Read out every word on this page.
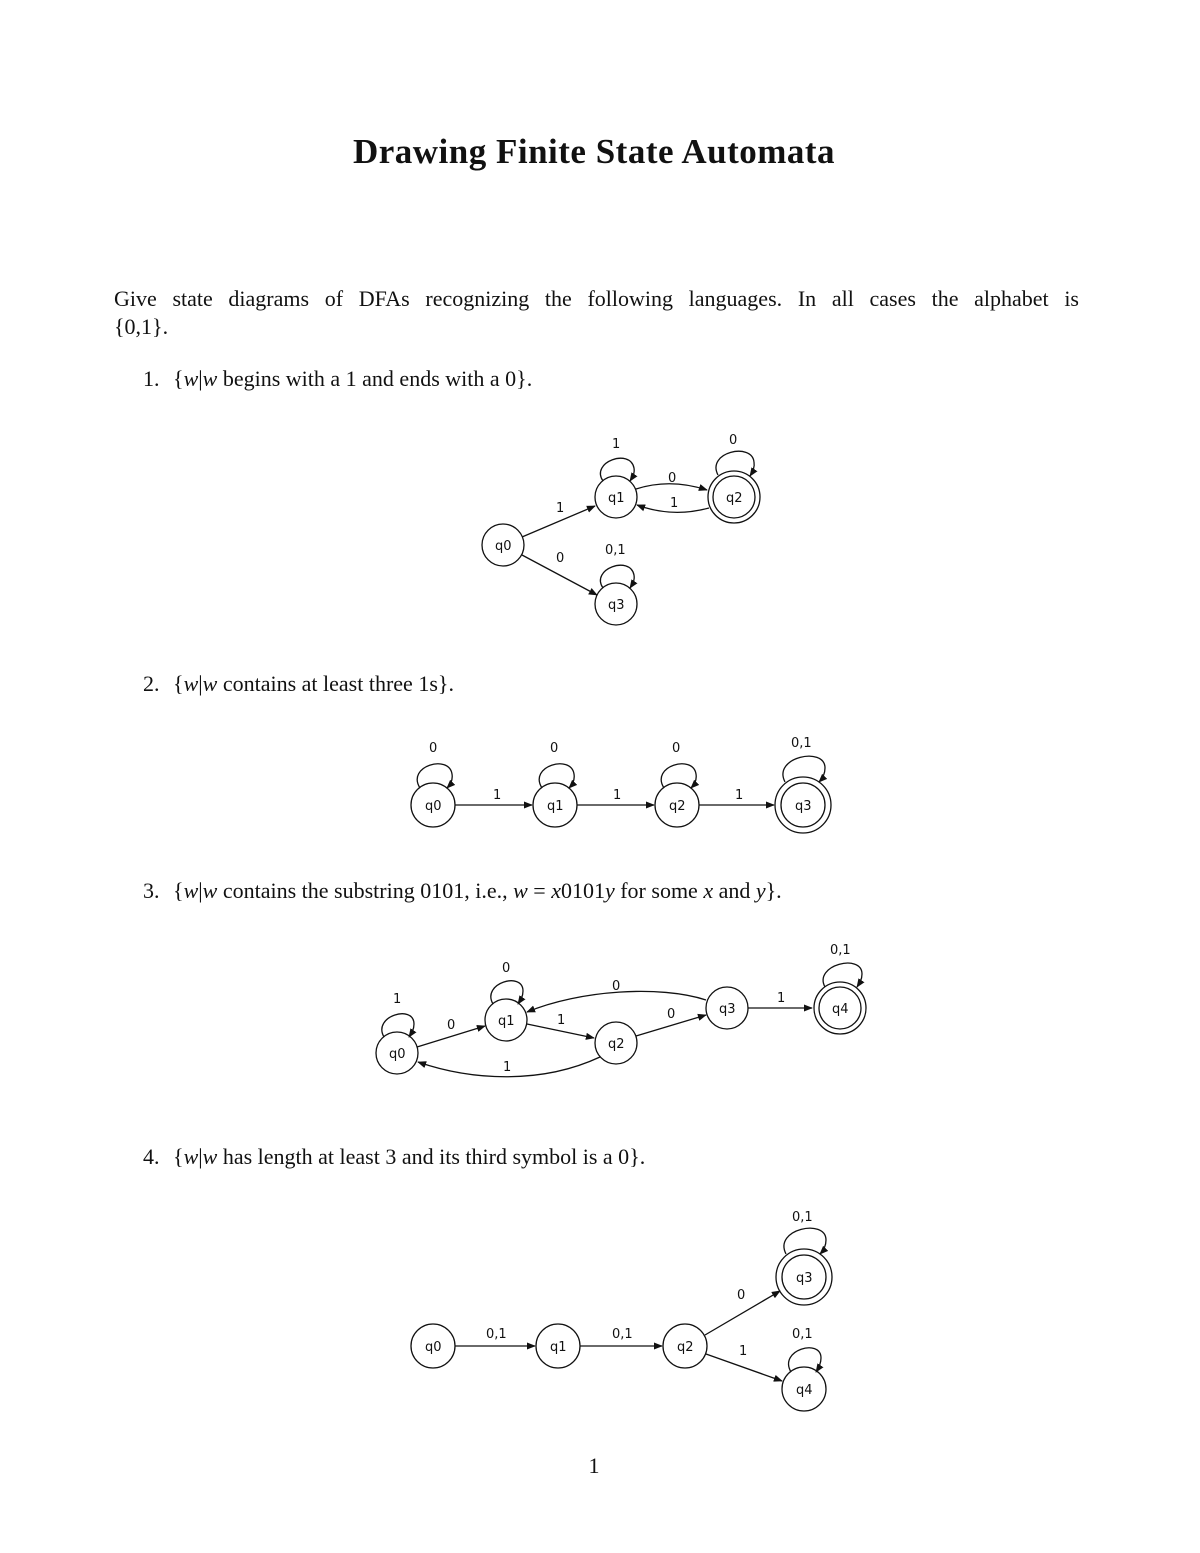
Drawing Finite State Automata
Give state diagrams of DFAs recognizing the following languages. In all cases the alphabet is
{0,1}.
1. {w|w begins with a 1 and ends with a 0}.
2. {w|w contains at least three 1s}.
3. {w|w contains the substring 0101, i.e., w = x0101y for some x and y}.
4. {w|w has length at least 3 and its third symbol is a 0}.
q0
q1	q2
q3
1
0
0
1
1	0
0,1
q0	q1	q2	q3
1	1	1
0	0	0	0,1
q0
q1
q2
q3	q4
1
0
0
1	0
0
1
1
0,1
q0	q1	q2
q3
q4
0,1	0,1
0
1
0,1
0,1
1
